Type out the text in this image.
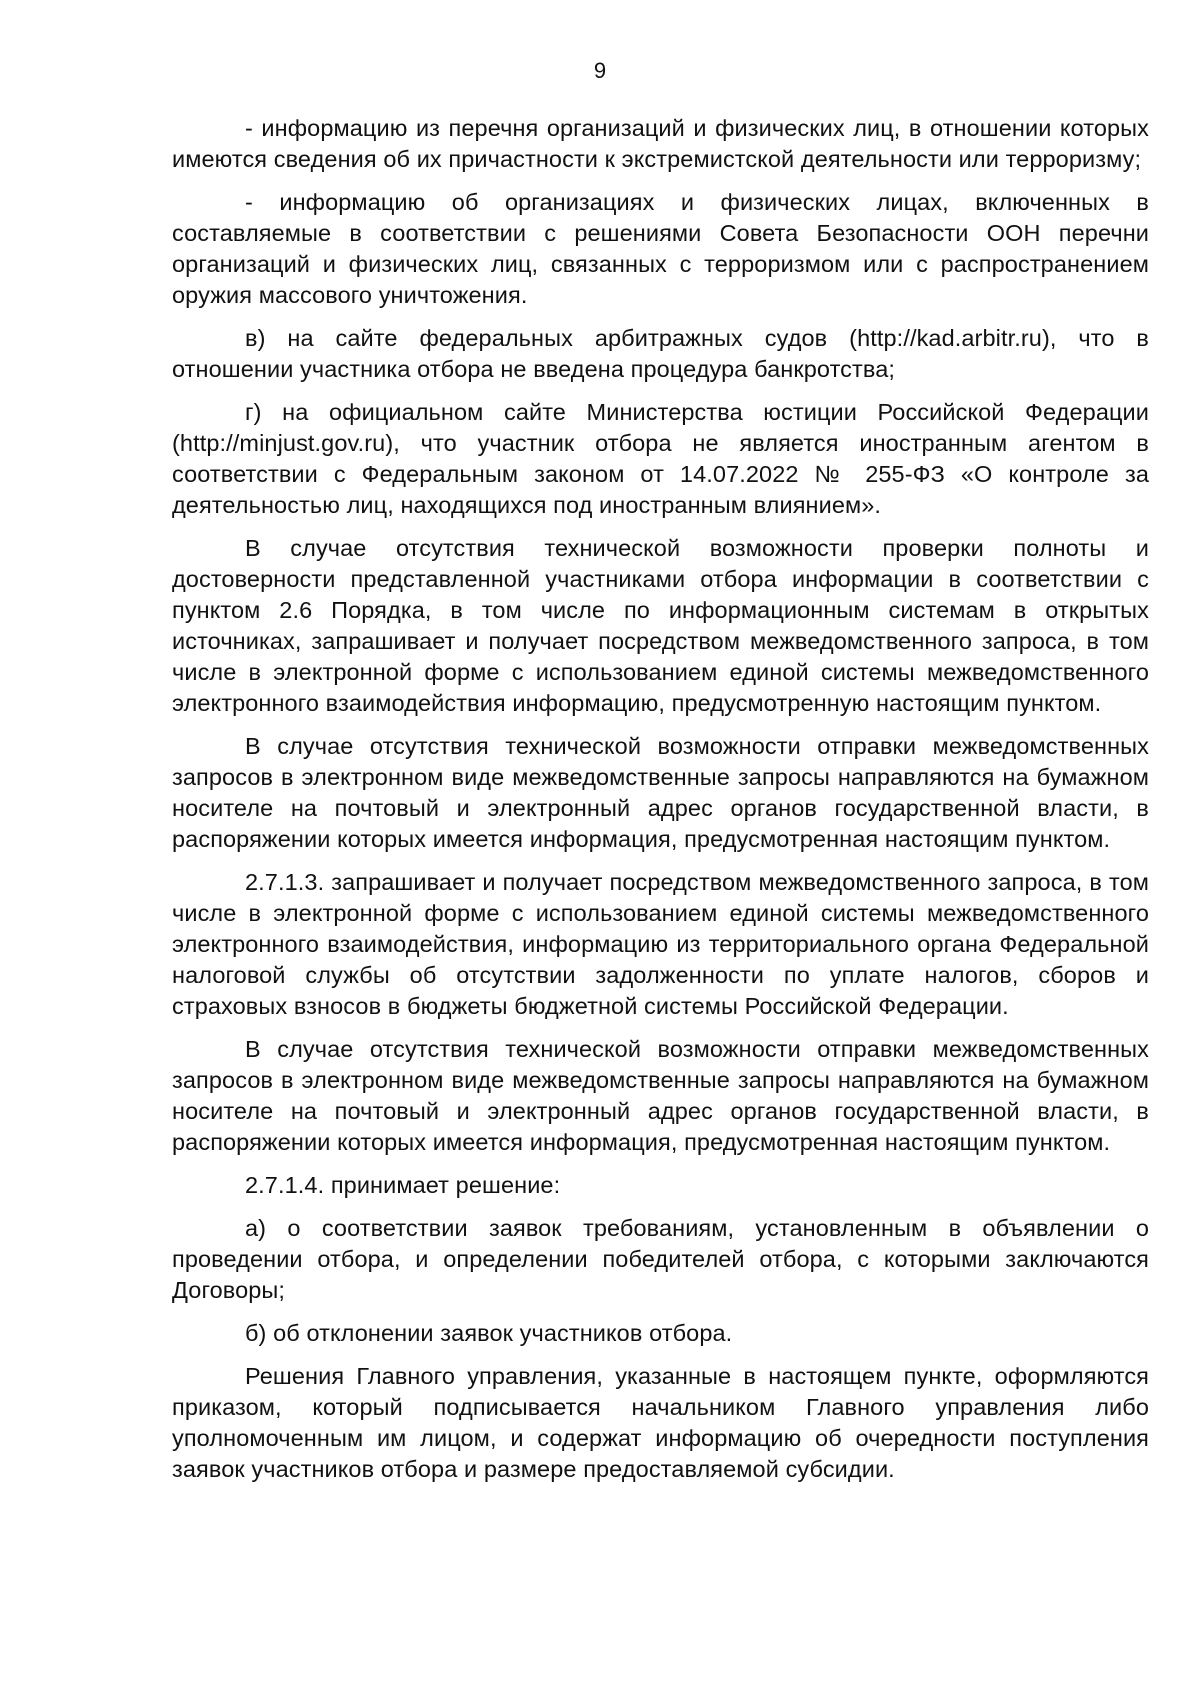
9

- информацию из перечня организаций и физических лиц, в отношении которых имеются сведения об их причастности к экстремистской деятельности или терроризму;

- информацию об организациях и физических лицах, включенных в составляемые в соответствии с решениями Совета Безопасности ООН перечни организаций и физических лиц, связанных с терроризмом или с распространением оружия массового уничтожения.

в) на сайте федеральных арбитражных судов (http://kad.arbitr.ru), что в отношении участника отбора не введена процедура банкротства;

г) на официальном сайте Министерства юстиции Российской Федерации (http://minjust.gov.ru), что участник отбора не является иностранным агентом в соответствии с Федеральным законом от 14.07.2022 № 255-ФЗ «О контроле за деятельностью лиц, находящихся под иностранным влиянием».

В случае отсутствия технической возможности проверки полноты и достоверности представленной участниками отбора информации в соответствии с пунктом 2.6 Порядка, в том числе по информационным системам в открытых источниках, запрашивает и получает посредством межведомственного запроса, в том числе в электронной форме с использованием единой системы межведомственного электронного взаимодействия информацию, предусмотренную настоящим пунктом.

В случае отсутствия технической возможности отправки межведомственных запросов в электронном виде межведомственные запросы направляются на бумажном носителе на почтовый и электронный адрес органов государственной власти, в распоряжении которых имеется информация, предусмотренная настоящим пунктом.

2.7.1.3. запрашивает и получает посредством межведомственного запроса, в том числе в электронной форме с использованием единой системы межведомственного электронного взаимодействия, информацию из территориального органа Федеральной налоговой службы об отсутствии задолженности по уплате налогов, сборов и страховых взносов в бюджеты бюджетной системы Российской Федерации.

В случае отсутствия технической возможности отправки межведомственных запросов в электронном виде межведомственные запросы направляются на бумажном носителе на почтовый и электронный адрес органов государственной власти, в распоряжении которых имеется информация, предусмотренная настоящим пунктом.

2.7.1.4. принимает решение:

а) о соответствии заявок требованиям, установленным в объявлении о проведении отбора, и определении победителей отбора, с которыми заключаются Договоры;

б) об отклонении заявок участников отбора.

Решения Главного управления, указанные в настоящем пункте, оформляются приказом, который подписывается начальником Главного управления либо уполномоченным им лицом, и содержат информацию об очередности поступления заявок участников отбора и размере предоставляемой субсидии.
